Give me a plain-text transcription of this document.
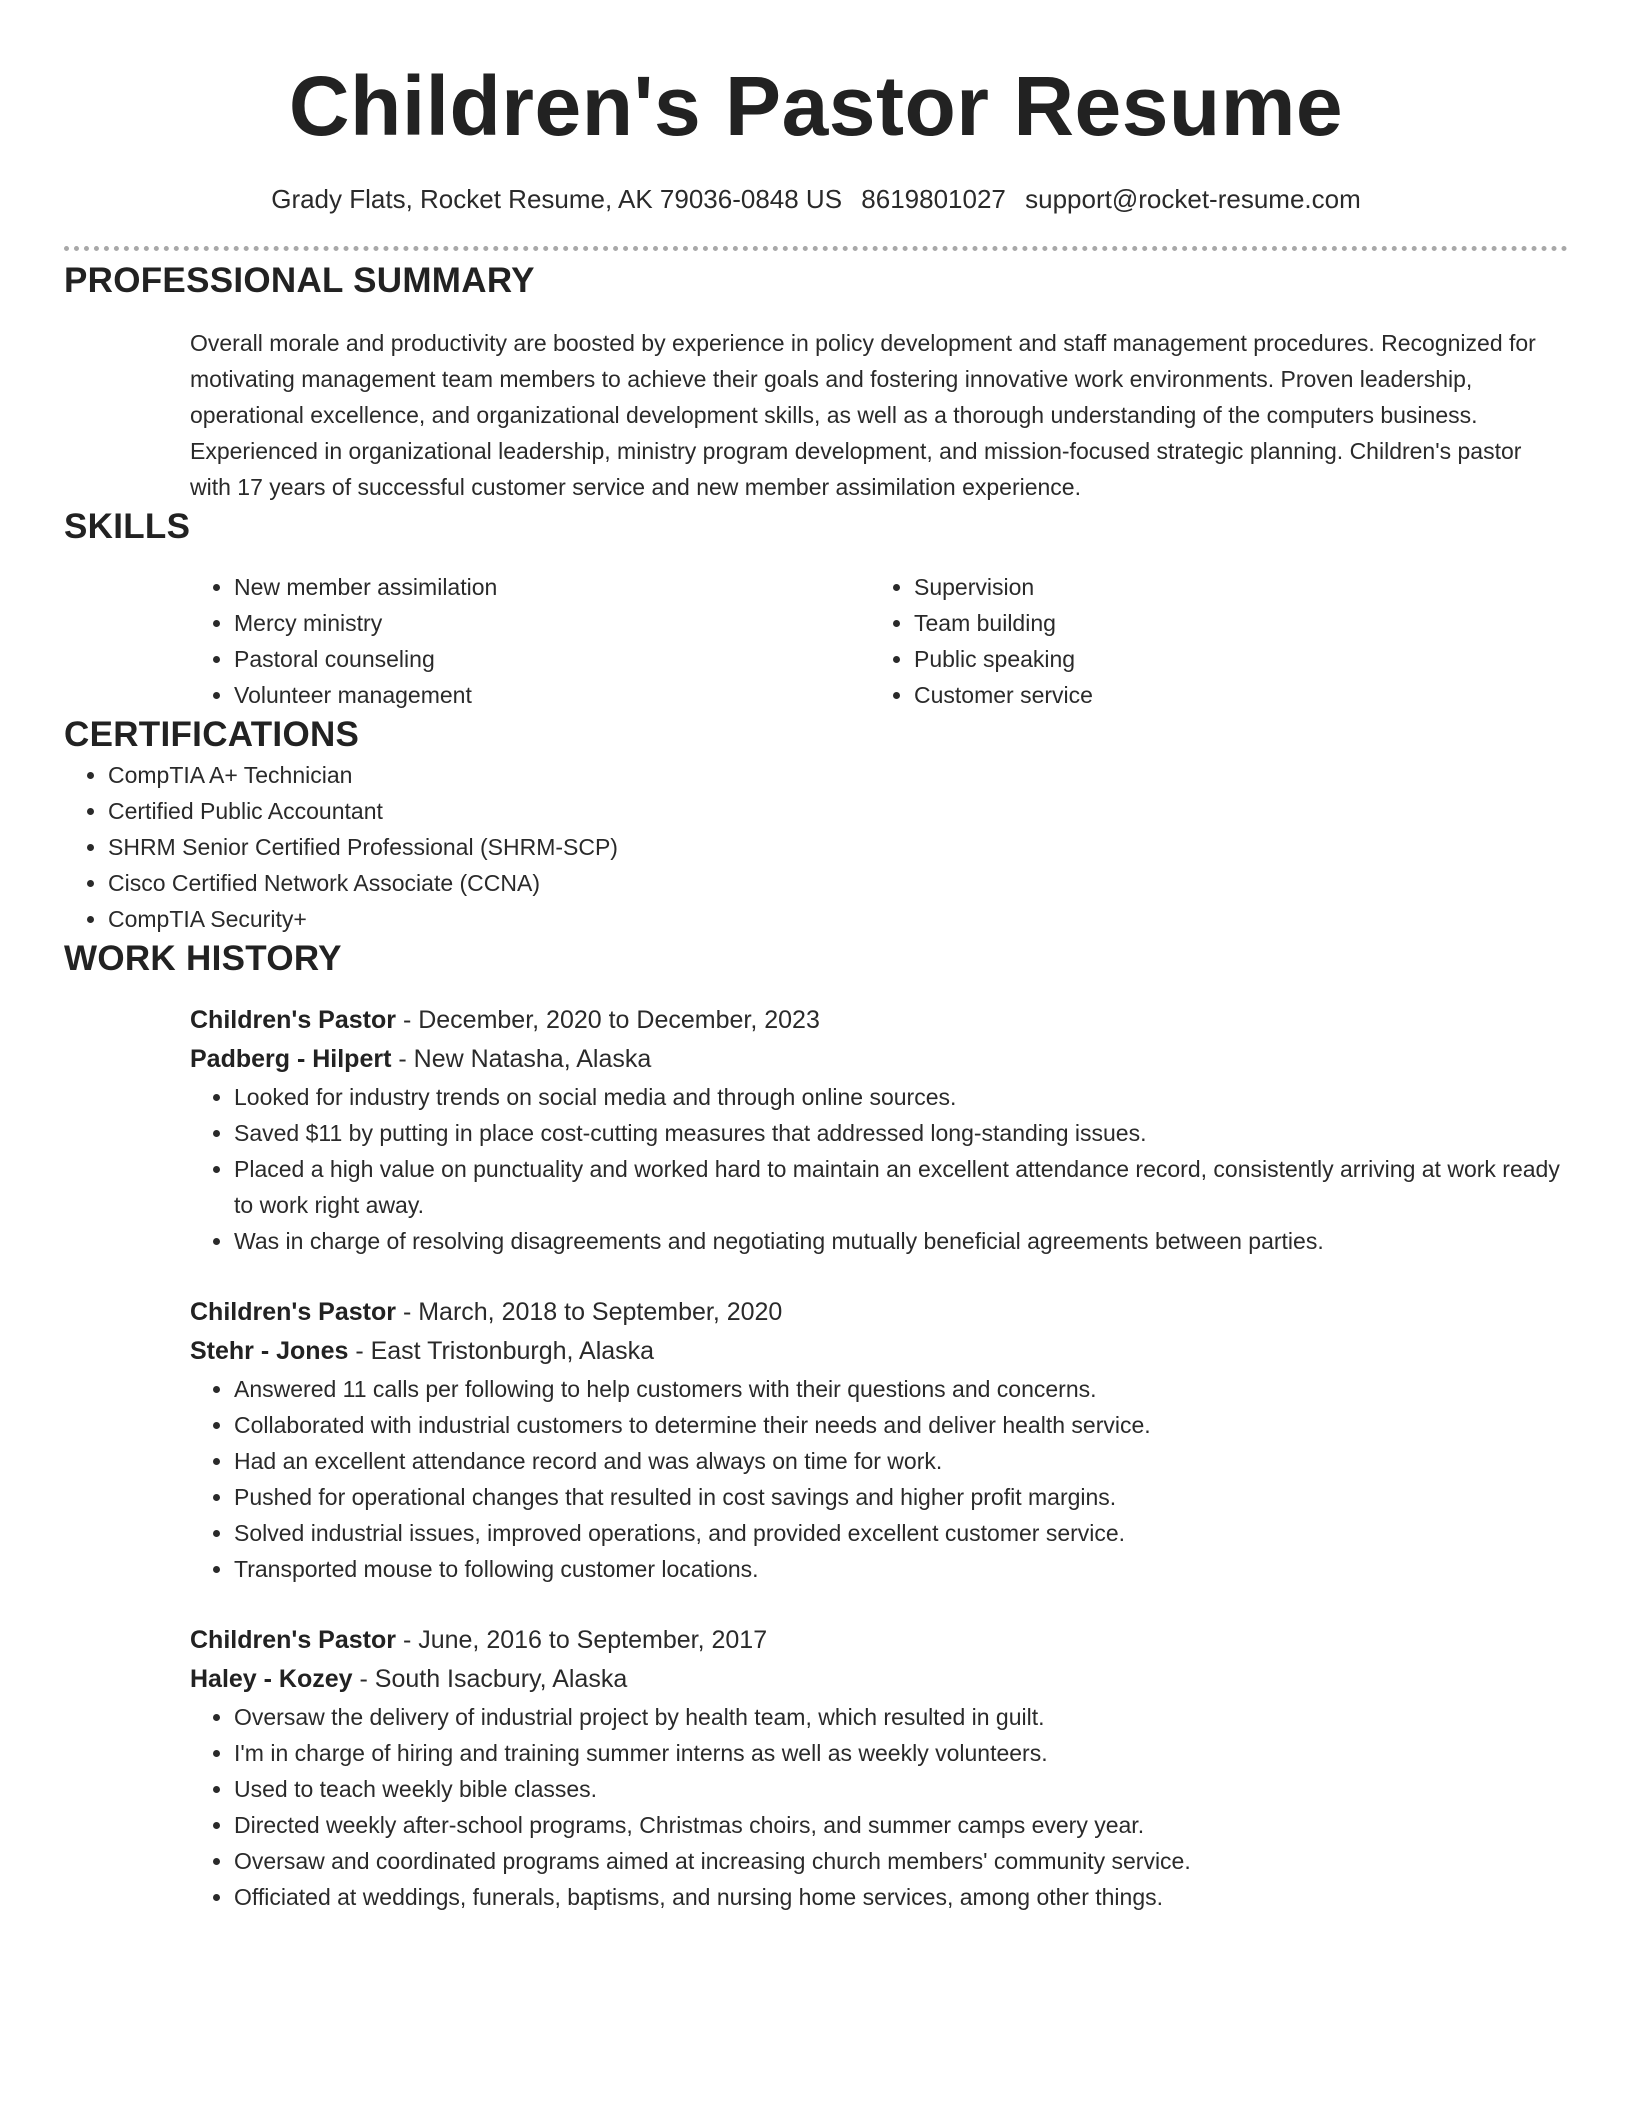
Children's Pastor Resume
Grady Flats, Rocket Resume, AK 79036-0848 US 8619801027 support@rocket-resume.com
PROFESSIONAL SUMMARY

Overall morale and productivity are boosted by experience in policy development and staff management procedures. Recognized for motivating management team members to achieve their goals and fostering innovative work environments. Proven leadership, operational excellence, and organizational development skills, as well as a thorough understanding of the computers business. Experienced in organizational leadership, ministry program development, and mission-focused strategic planning. Children's pastor with 17 years of successful customer service and new member assimilation experience.

SKILLS
• New member assimilation
• Mercy ministry
• Pastoral counseling
• Volunteer management
• Supervision
• Team building
• Public speaking
• Customer service
CERTIFICATIONS
• CompTIA A+ Technician
• Certified Public Accountant
• SHRM Senior Certified Professional (SHRM-SCP)
• Cisco Certified Network Associate (CCNA)
• CompTIA Security+
WORK HISTORY
Children's Pastor - December, 2020 to December, 2023
Padberg - Hilpert - New Natasha, Alaska
• Looked for industry trends on social media and through online sources.
• Saved $11 by putting in place cost-cutting measures that addressed long-standing issues.
• Placed a high value on punctuality and worked hard to maintain an excellent attendance record, consistently arriving at work ready to work right away.
• Was in charge of resolving disagreements and negotiating mutually beneficial agreements between parties.
Children's Pastor - March, 2018 to September, 2020
Stehr - Jones - East Tristonburgh, Alaska
• Answered 11 calls per following to help customers with their questions and concerns.
• Collaborated with industrial customers to determine their needs and deliver health service.
• Had an excellent attendance record and was always on time for work.
• Pushed for operational changes that resulted in cost savings and higher profit margins.
• Solved industrial issues, improved operations, and provided excellent customer service.
• Transported mouse to following customer locations.
Children's Pastor - June, 2016 to September, 2017
Haley - Kozey - South Isacbury, Alaska
• Oversaw the delivery of industrial project by health team, which resulted in guilt.
• I'm in charge of hiring and training summer interns as well as weekly volunteers.
• Used to teach weekly bible classes.
• Directed weekly after-school programs, Christmas choirs, and summer camps every year.
• Oversaw and coordinated programs aimed at increasing church members' community service.
• Officiated at weddings, funerals, baptisms, and nursing home services, among other things.
